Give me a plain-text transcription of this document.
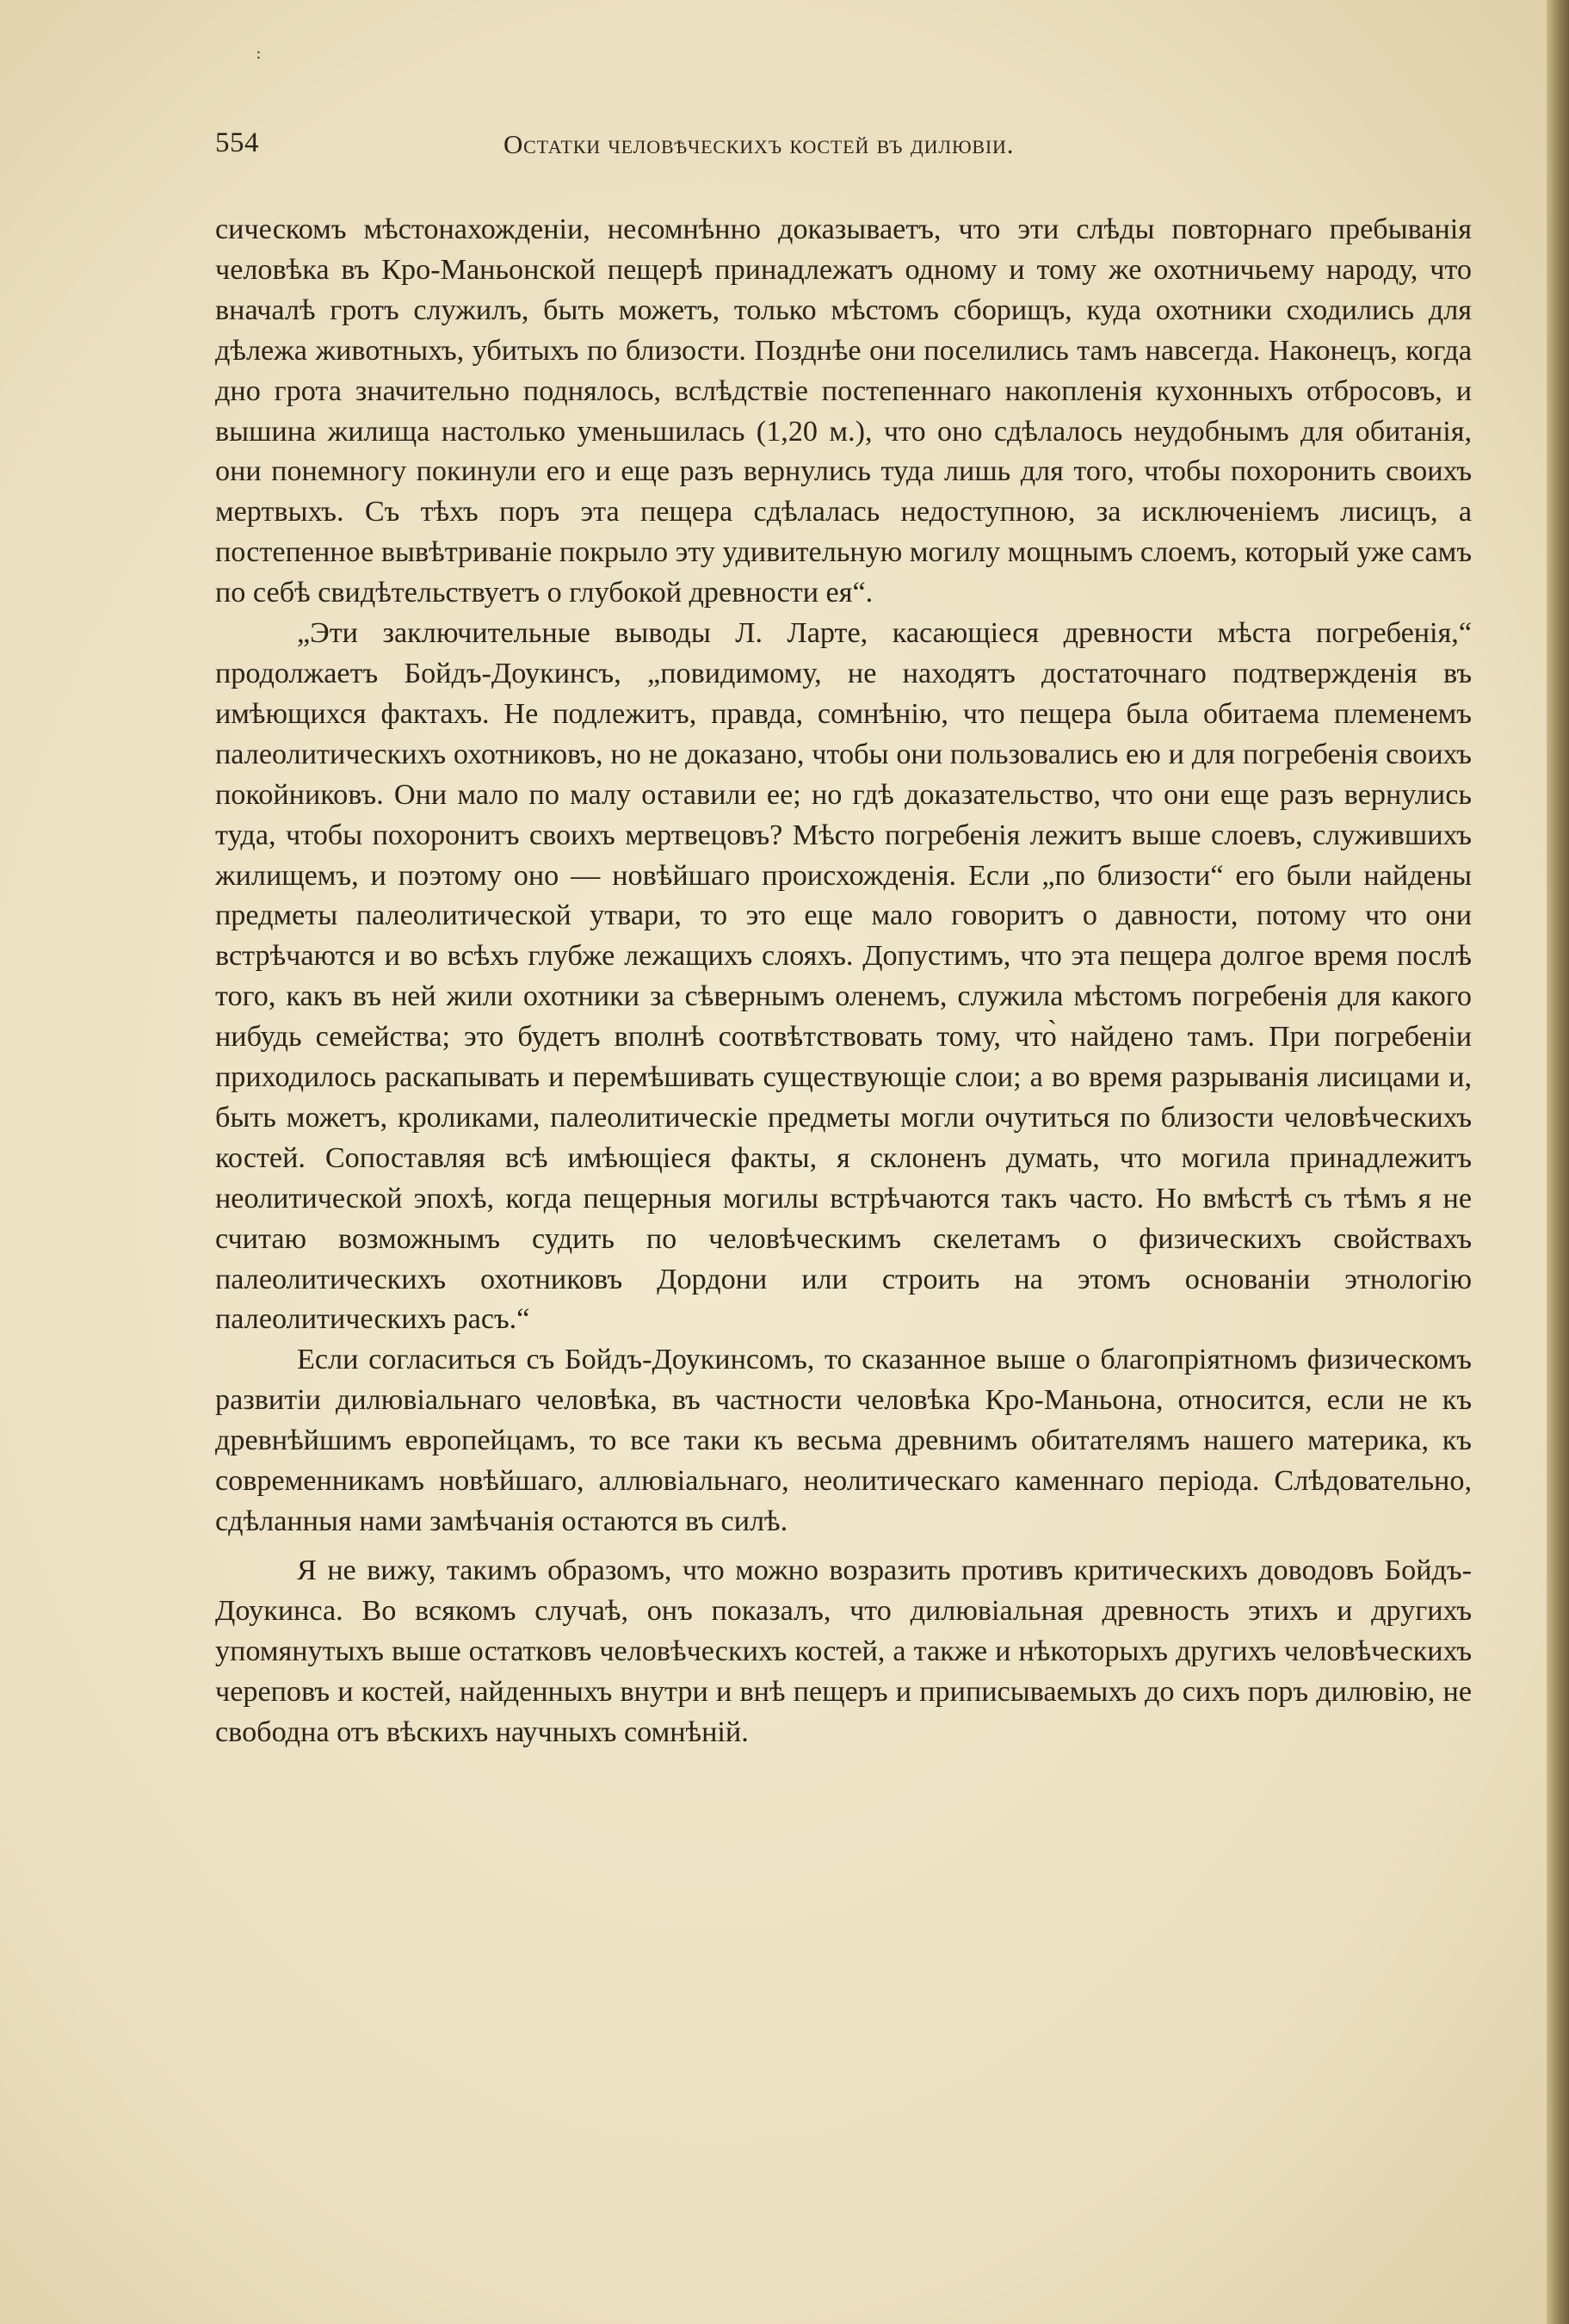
:
554	Остатки человѣческихъ костей въ дилювіи.

сическомъ мѣстонахожденіи, несомнѣнно доказываетъ, что эти слѣды повторнаго пребыванія человѣка въ Кро-Маньонской пещерѣ принадлежатъ одному и тому же охотничьему народу, что вначалѣ гротъ служилъ, быть можетъ, только мѣстомъ сборищъ, куда охотники сходились для дѣлежа животныхъ, убитыхъ по близости. Позднѣе они поселились тамъ навсегда. Наконецъ, когда дно грота значительно поднялось, вслѣдствіе постепеннаго накопленія кухонныхъ отбросовъ, и вышина жилища настолько уменьшилась (1,20 м.), что оно сдѣлалось неудобнымъ для обитанія, они понемногу покинули его и еще разъ вернулись туда лишь для того, чтобы похоронить своихъ мертвыхъ. Съ тѣхъ поръ эта пещера сдѣлалась недоступною, за исключеніемъ лисицъ, а постепенное вывѣтриваніе покрыло эту удивительную могилу мощнымъ слоемъ, который уже самъ по себѣ свидѣтельствуетъ о глубокой древности ея“.

„Эти заключительные выводы Л. Ларте, касающіеся древности мѣста погребенія,“ продолжаетъ Бойдъ-Доукинсъ, „повидимому, не находятъ достаточнаго подтвержденія въ имѣющихся фактахъ. Не подлежитъ, правда, сомнѣнію, что пещера была обитаема племенемъ палеолитическихъ охотниковъ, но не доказано, чтобы они пользовались ею и для погребенія своихъ покойниковъ. Они мало по малу оставили ее; но гдѣ доказательство, что они еще разъ вернулись туда, чтобы похоронитъ своихъ мертвецовъ? Мѣсто погребенія лежитъ выше слоевъ, служившихъ жилищемъ, и поэтому оно — новѣйшаго происхожденія. Если „по близости“ его были найдены предметы палеолитической утвари, то это еще мало говоритъ о давности, потому что они встрѣчаются и во всѣхъ глубже лежащихъ слояхъ. Допустимъ, что эта пещера долгое время послѣ того, какъ въ ней жили охотники за сѣвернымъ оленемъ, служила мѣстомъ погребенія для какого нибудь семейства; это будетъ вполнѣ соотвѣтствовать тому, что̀ найдено тамъ. При погребеніи приходилось раскапывать и перемѣшивать существующіе слои; а во время разрыванія лисицами и, быть можетъ, кроликами, палеолитическіе предметы могли очутиться по близости человѣческихъ костей. Сопоставляя всѣ имѣющіеся факты, я склоненъ думать, что могила принадлежитъ неолитической эпохѣ, когда пещерныя могилы встрѣчаются такъ часто. Но вмѣстѣ съ тѣмъ я не считаю возможнымъ судить по человѣческимъ скелетамъ о физическихъ свойствахъ палеолитическихъ охотниковъ Дордони или строить на этомъ основаніи этнологію палеолитическихъ расъ.“

Если согласиться съ Бойдъ-Доукинсомъ, то сказанное выше о благопріятномъ физическомъ развитіи дилювіальнаго человѣка, въ частности человѣка Кро-Маньона, относится, если не къ древнѣйшимъ европейцамъ, то все таки къ весьма древнимъ обитателямъ нашего материка, къ современникамъ новѣйшаго, аллювіальнаго, неолитическаго каменнаго періода. Слѣдовательно, сдѣланныя нами замѣчанія остаются въ силѣ.

Я не вижу, такимъ образомъ, что можно возразить противъ критическихъ доводовъ Бойдъ-Доукинса. Во всякомъ случаѣ, онъ показалъ, что дилювіальная древность этихъ и другихъ упомянутыхъ выше остатковъ человѣческихъ костей, а также и нѣкоторыхъ другихъ человѣческихъ череповъ и костей, найденныхъ внутри и внѣ пещеръ и приписываемыхъ до сихъ поръ дилювію, не свободна отъ вѣскихъ научныхъ сомнѣній.
